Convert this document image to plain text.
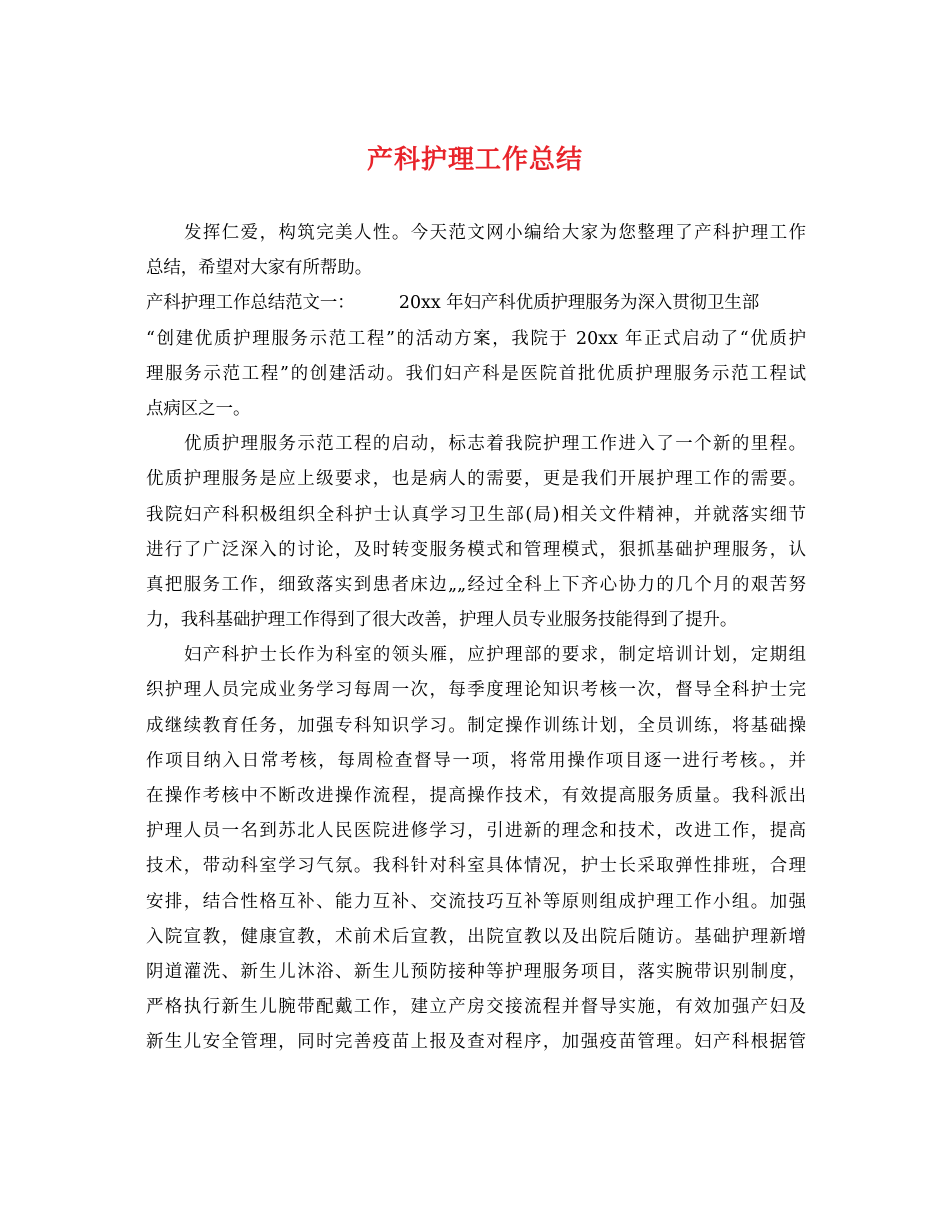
产科护理工作总结
发挥仁爱，构筑完美人性。今天范文网小编给大家为您整理了产科护理工作
总结，希望对大家有所帮助。
产科护理工作总结范文一：        20xx 年妇产科优质护理服务为深入贯彻卫生部
“创建优质护理服务示范工程”的活动方案，我院于 20xx 年正式启动了“优质护
理服务示范工程”的创建活动。我们妇产科是医院首批优质护理服务示范工程试
点病区之一。
优质护理服务示范工程的启动，标志着我院护理工作进入了一个新的里程。
优质护理服务是应上级要求，也是病人的需要，更是我们开展护理工作的需要。
我院妇产科积极组织全科护士认真学习卫生部(局)相关文件精神，并就落实细节
进行了广泛深入的讨论，及时转变服务模式和管理模式，狠抓基础护理服务，认
真把服务工作，细致落实到患者床边„„经过全科上下齐心协力的几个月的艰苦努
力，我科基础护理工作得到了很大改善，护理人员专业服务技能得到了提升。
妇产科护士长作为科室的领头雁，应护理部的要求，制定培训计划，定期组
织护理人员完成业务学习每周一次，每季度理论知识考核一次，督导全科护士完
成继续教育任务，加强专科知识学习。制定操作训练计划，全员训练，将基础操
作项目纳入日常考核，每周检查督导一项，将常用操作项目逐一进行考核。，并
在操作考核中不断改进操作流程，提高操作技术，有效提高服务质量。我科派出
护理人员一名到苏北人民医院进修学习，引进新的理念和技术，改进工作，提高
技术，带动科室学习气氛。我科针对科室具体情况，护士长采取弹性排班，合理
安排，结合性格互补、能力互补、交流技巧互补等原则组成护理工作小组。加强
入院宣教，健康宣教，术前术后宣教，出院宣教以及出院后随访。基础护理新增
阴道灌洗、新生儿沐浴、新生儿预防接种等护理服务项目，落实腕带识别制度，
严格执行新生儿腕带配戴工作，建立产房交接流程并督导实施，有效加强产妇及
新生儿安全管理，同时完善疫苗上报及查对程序，加强疫苗管理。妇产科根据管
